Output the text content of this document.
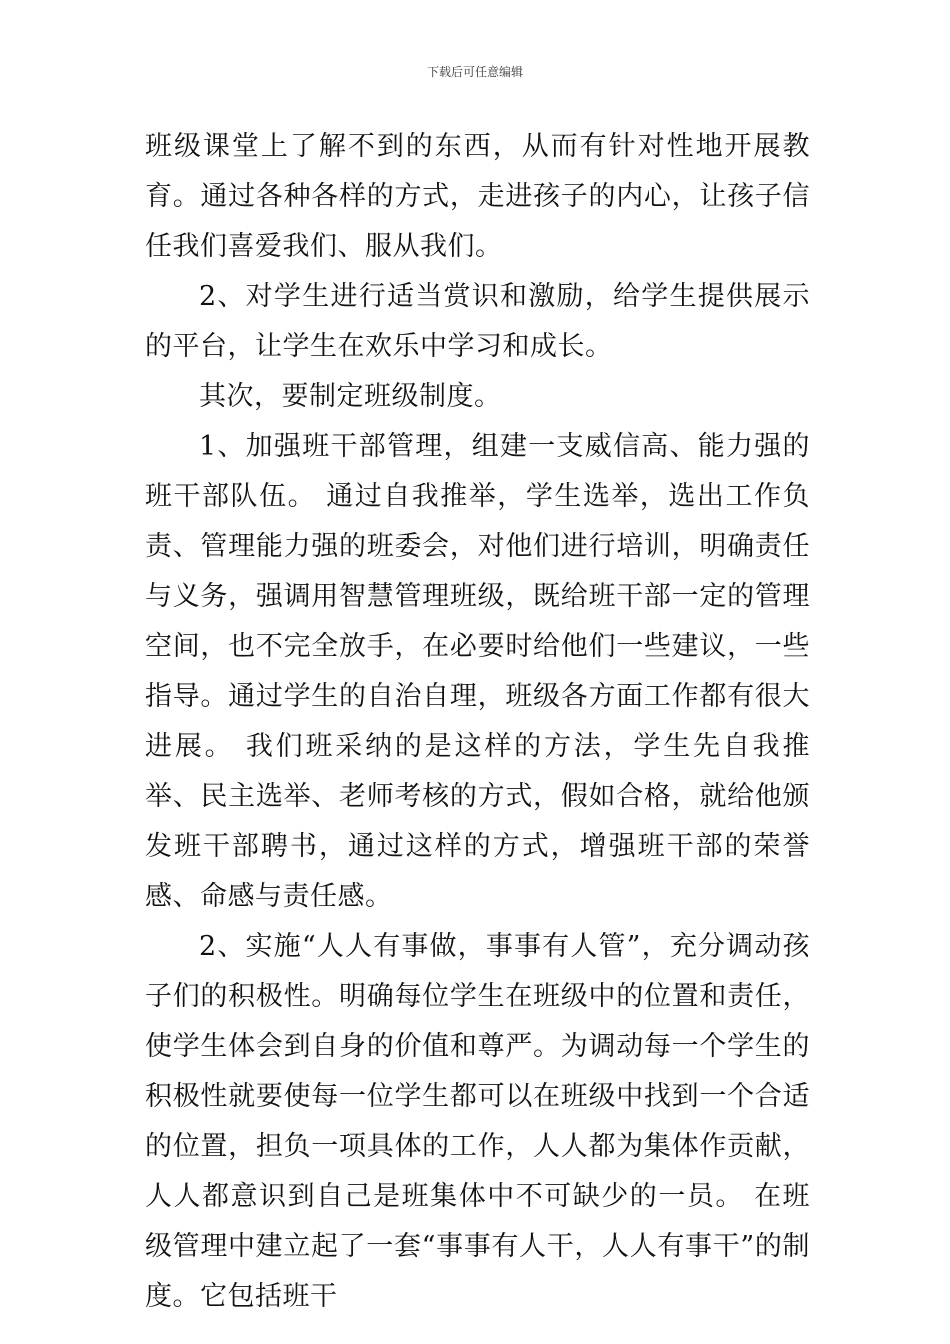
下载后可任意编辑

班级课堂上了解不到的东西，从而有针对性地开展教育。通过各种各样的方式，走进孩子的内心，让孩子信任我们喜爱我们、服从我们。

2、对学生进行适当赏识和激励，给学生提供展示的平台，让学生在欢乐中学习和成长。

其次，要制定班级制度。

1、加强班干部管理，组建一支威信高、能力强的班干部队伍。 通过自我推举，学生选举，选出工作负责、管理能力强的班委会，对他们进行培训，明确责任与义务，强调用智慧管理班级，既给班干部一定的管理空间，也不完全放手，在必要时给他们一些建议，一些指导。通过学生的自治自理，班级各方面工作都有很大进展。 我们班采纳的是这样的方法，学生先自我推举、民主选举、老师考核的方式，假如合格，就给他颁发班干部聘书，通过这样的方式，增强班干部的荣誉感、命感与责任感。

2、实施“人人有事做，事事有人管”，充分调动孩子们的积极性。明确每位学生在班级中的位置和责任，使学生体会到自身的价值和尊严。为调动每一个学生的积极性就要使每一位学生都可以在班级中找到一个合适的位置，担负一项具体的工作，人人都为集体作贡献，人人都意识到自己是班集体中不可缺少的一员。 在班级管理中建立起了一套“事事有人干，人人有事干”的制度。它包括班干
